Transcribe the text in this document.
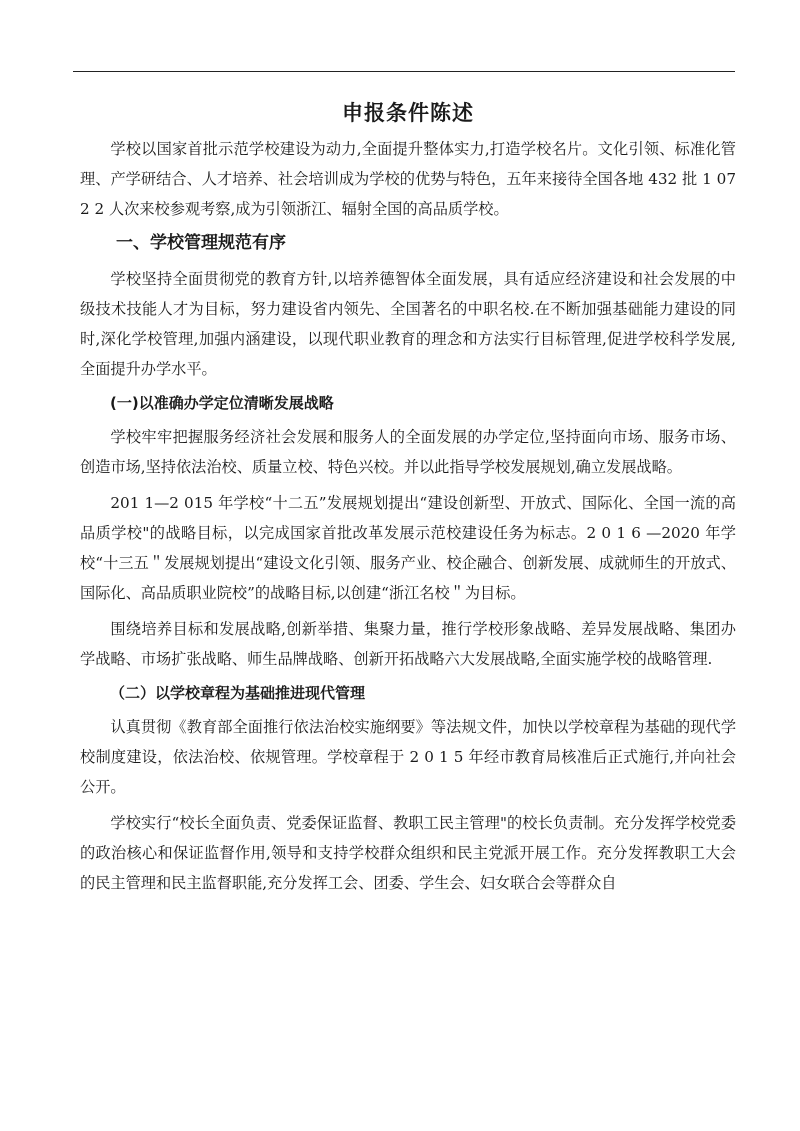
申报条件陈述

学校以国家首批示范学校建设为动力,全面提升整体实力,打造学校名片。文化引领、标准化管理、产学研结合、人才培养、社会培训成为学校的优势与特色，五年来接待全国各地 432 批 1 072 2 人次来校参观考察,成为引领浙江、辐射全国的高品质学校。

一、学校管理规范有序

学校坚持全面贯彻党的教育方针,以培养德智体全面发展，具有适应经济建设和社会发展的中级技术技能人才为目标，努力建设省内领先、全国著名的中职名校.在不断加强基础能力建设的同时,深化学校管理,加强内涵建设，以现代职业教育的理念和方法实行目标管理,促进学校科学发展,全面提升办学水平。

(一)以准确办学定位清晰发展战略

学校牢牢把握服务经济社会发展和服务人的全面发展的办学定位,坚持面向市场、服务市场、创造市场,坚持依法治校、质量立校、特色兴校。并以此指导学校发展规划,确立发展战略。

201 1—2 015 年学校“十二五”发展规划提出“建设创新型、开放式、国际化、全国一流的高品质学校"的战略目标，以完成国家首批改革发展示范校建设任务为标志。2 0 1 6 —2020 年学校“十三五＂发展规划提出“建设文化引领、服务产业、校企融合、创新发展、成就师生的开放式、国际化、高品质职业院校”的战略目标,以创建“浙江名校＂为目标。

围绕培养目标和发展战略,创新举措、集聚力量，推行学校形象战略、差异发展战略、集团办学战略、市场扩张战略、师生品牌战略、创新开拓战略六大发展战略,全面实施学校的战略管理.

（二）以学校章程为基础推进现代管理

认真贯彻《教育部全面推行依法治校实施纲要》等法规文件，加快以学校章程为基础的现代学校制度建设，依法治校、依规管理。学校章程于 2 0 1 5 年经市教育局核准后正式施行,并向社会公开。

学校实行“校长全面负责、党委保证监督、教职工民主管理"的校长负责制。充分发挥学校党委的政治核心和保证监督作用,领导和支持学校群众组织和民主党派开展工作。充分发挥教职工大会的民主管理和民主监督职能,充分发挥工会、团委、学生会、妇女联合会等群众自
